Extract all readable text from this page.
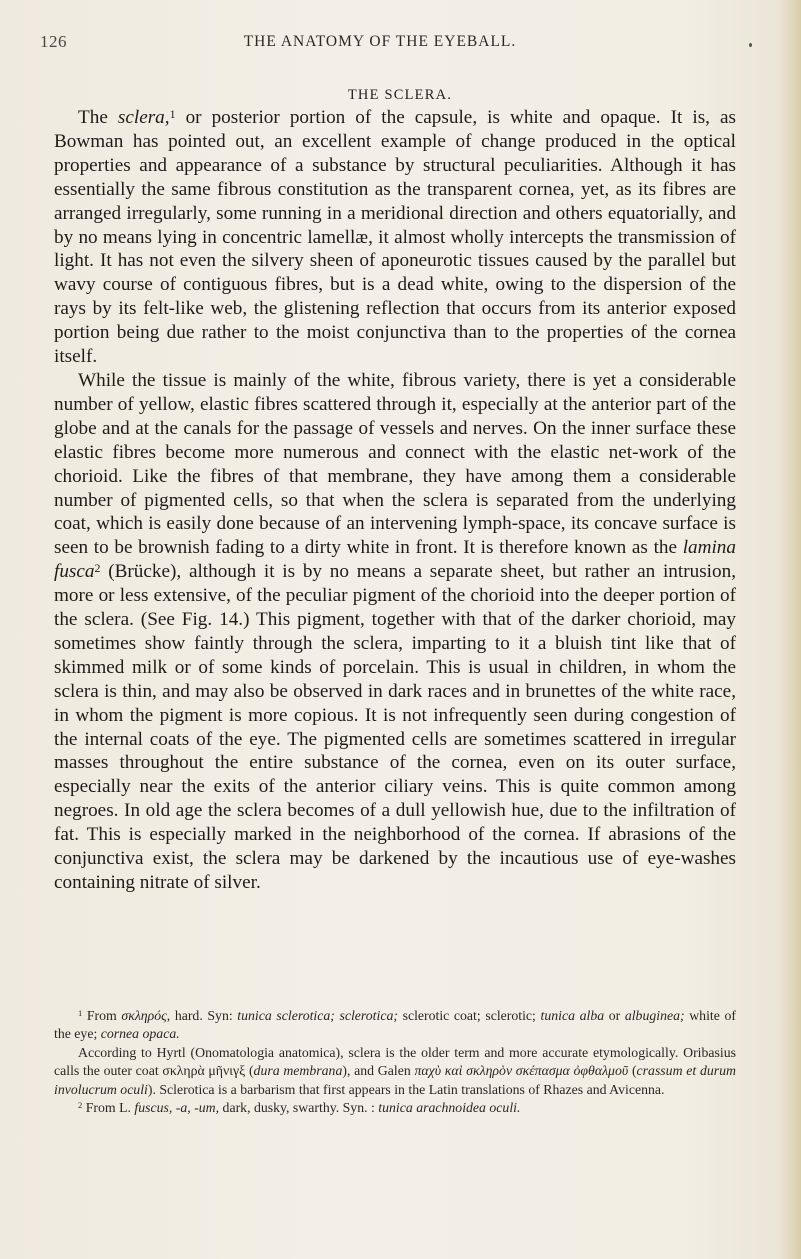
126	THE ANATOMY OF THE EYEBALL.
THE SCLERA.

The sclera,$^1$ or posterior portion of the capsule, is white and opaque. It is, as Bowman has pointed out, an excellent example of change produced in the optical properties and appearance of a substance by structural peculiarities. Although it has essentially the same fibrous constitution as the transparent cornea, yet, as its fibres are arranged irregularly, some running in a meridional direction and others equatorially, and by no means lying in concentric lamellæ, it almost wholly intercepts the transmission of light. It has not even the silvery sheen of aponeurotic tissues caused by the parallel but wavy course of contiguous fibres, but is a dead white, owing to the dispersion of the rays by its felt-like web, the glistening reflection that occurs from its anterior exposed portion being due rather to the moist conjunctiva than to the properties of the cornea itself.

While the tissue is mainly of the white, fibrous variety, there is yet a considerable number of yellow, elastic fibres scattered through it, especially at the anterior part of the globe and at the canals for the passage of vessels and nerves. On the inner surface these elastic fibres become more numerous and connect with the elastic net-work of the chorioid. Like the fibres of that membrane, they have among them a considerable number of pigmented cells, so that when the sclera is separated from the underlying coat, which is easily done because of an intervening lymph-space, its concave surface is seen to be brownish fading to a dirty white in front. It is therefore known as the lamina fusca$^2$ (Brücke), although it is by no means a separate sheet, but rather an intrusion, more or less extensive, of the peculiar pigment of the chorioid into the deeper portion of the sclera. (See Fig. 14.) This pigment, together with that of the darker chorioid, may sometimes show faintly through the sclera, imparting to it a bluish tint like that of skimmed milk or of some kinds of porcelain. This is usual in children, in whom the sclera is thin, and may also be observed in dark races and in brunettes of the white race, in whom the pigment is more copious. It is not infrequently seen during congestion of the internal coats of the eye. The pigmented cells are sometimes scattered in irregular masses throughout the entire substance of the cornea, even on its outer surface, especially near the exits of the anterior ciliary veins. This is quite common among negroes. In old age the sclera becomes of a dull yellowish hue, due to the infiltration of fat. This is especially marked in the neighborhood of the cornea. If abrasions of the conjunctiva exist, the sclera may be darkened by the incautious use of eye-washes containing nitrate of silver.

$^1$ From σκληρός, hard. Syn: tunica sclerotica; sclerotica; sclerotic coat; sclerotic; tunica alba or albuginea; white of the eye; cornea opaca.

According to Hyrtl (Onomatologia anatomica), sclera is the older term and more accurate etymologically. Oribasius calls the outer coat σκληρὰ μῆνιγξ (dura membrana), and Galen παχὺ καὶ σκληρὸν σκέπασμα ὀφθαλμοῦ (crassum et durum involucrum oculi). Sclerotica is a barbarism that first appears in the Latin translations of Rhazes and Avicenna.

$^2$ From L. fuscus, -a, -um, dark, dusky, swarthy. Syn. : tunica arachnoidea oculi.
